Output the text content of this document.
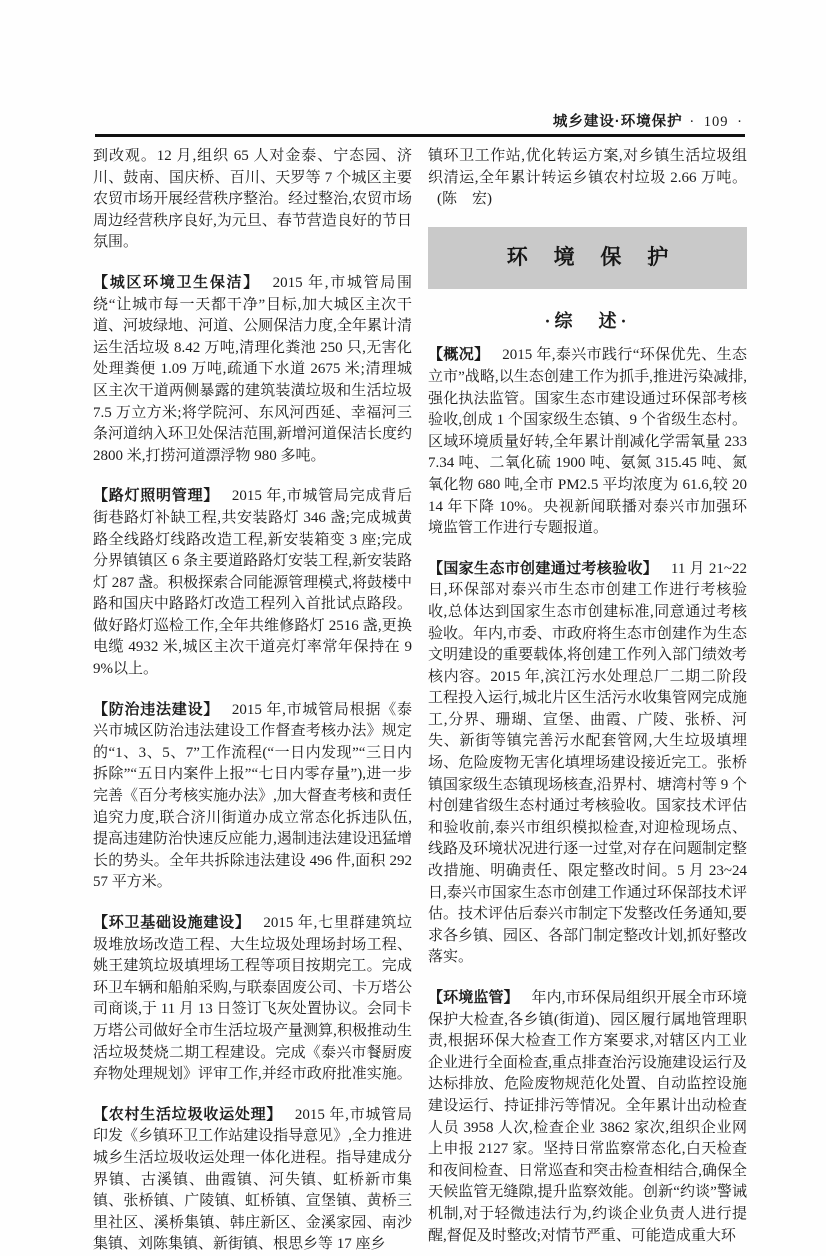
城乡建设·环境保护 · 109 ·

到改观。12 月,组织 65 人对金泰、宁态园、济川、鼓南、国庆桥、百川、天罗等 7 个城区主要农贸市场开展经营秩序整治。经过整治,农贸市场周边经营秩序良好,为元旦、春节营造良好的节日氛围。

【城区环境卫生保洁】 2015 年,市城管局围绕“让城市每一天都干净”目标,加大城区主次干道、河坡绿地、河道、公厕保洁力度,全年累计清运生活垃圾 8.42 万吨,清理化粪池 250 只,无害化处理粪便 1.09 万吨,疏通下水道 2675 米;清理城区主次干道两侧暴露的建筑装潢垃圾和生活垃圾 7.5 万立方米;将学院河、东风河西延、幸福河三条河道纳入环卫处保洁范围,新增河道保洁长度约 2800 米,打捞河道漂浮物 980 多吨。

【路灯照明管理】 2015 年,市城管局完成背后街巷路灯补缺工程,共安装路灯 346 盏;完成城黄路全线路灯线路改造工程,新安装箱变 3 座;完成分界镇镇区 6 条主要道路路灯安装工程,新安装路灯 287 盏。积极探索合同能源管理模式,将鼓楼中路和国庆中路路灯改造工程列入首批试点路段。做好路灯巡检工作,全年共维修路灯 2516 盏,更换电缆 4932 米,城区主次干道亮灯率常年保持在 99%以上。

【防治违法建设】 2015 年,市城管局根据《泰兴市城区防治违法建设工作督查考核办法》规定的“1、3、5、7”工作流程(“一日内发现”“三日内拆除”“五日内案件上报”“七日内零存量”),进一步完善《百分考核实施办法》,加大督查考核和责任追究力度,联合济川街道办成立常态化拆违队伍,提高违建防治快速反应能力,遏制违法建设迅猛增长的势头。全年共拆除违法建设 496 件,面积 29257 平方米。

【环卫基础设施建设】 2015 年,七里群建筑垃圾堆放场改造工程、大生垃圾处理场封场工程、姚王建筑垃圾填埋场工程等项目按期完工。完成环卫车辆和船舶采购,与联泰固废公司、卡万塔公司商谈,于 11 月 13 日签订飞灰处置协议。会同卡万塔公司做好全市生活垃圾产量测算,积极推动生活垃圾焚烧二期工程建设。完成《泰兴市餐厨废弃物处理规划》评审工作,并经市政府批准实施。

【农村生活垃圾收运处理】 2015 年,市城管局印发《乡镇环卫工作站建设指导意见》,全力推进城乡生活垃圾收运处理一体化进程。指导建成分界镇、古溪镇、曲霞镇、河失镇、虹桥新市集镇、张桥镇、广陵镇、虹桥镇、宣堡镇、黄桥三里社区、溪桥集镇、韩庄新区、金溪家园、南沙集镇、刘陈集镇、新街镇、根思乡等 17 座乡

镇环卫工作站,优化转运方案,对乡镇生活垃圾组织清运,全年累计转运乡镇农村垃圾 2.66 万吨。(陈　宏)

环 境 保 护
·综　述·

【概况】 2015 年,泰兴市践行“环保优先、生态立市”战略,以生态创建工作为抓手,推进污染减排,强化执法监管。国家生态市建设通过环保部考核验收,创成 1 个国家级生态镇、9 个省级生态村。区域环境质量好转,全年累计削减化学需氧量 2337.34 吨、二氧化硫 1900 吨、氨氮 315.45 吨、氮氧化物 680 吨,全市 PM2.5 平均浓度为 61.6,较 2014 年下降 10%。央视新闻联播对泰兴市加强环境监管工作进行专题报道。

【国家生态市创建通过考核验收】 11 月 21~22 日,环保部对泰兴市生态市创建工作进行考核验收,总体达到国家生态市创建标准,同意通过考核验收。年内,市委、市政府将生态市创建作为生态文明建设的重要载体,将创建工作列入部门绩效考核内容。2015 年,滨江污水处理总厂二期二阶段工程投入运行,城北片区生活污水收集管网完成施工,分界、珊瑚、宣堡、曲霞、广陵、张桥、河失、新街等镇完善污水配套管网,大生垃圾填埋场、危险废物无害化填埋场建设接近完工。张桥镇国家级生态镇现场核查,沿界村、塘湾村等 9 个村创建省级生态村通过考核验收。国家技术评估和验收前,泰兴市组织模拟检查,对迎检现场点、线路及环境状况进行逐一过堂,对存在问题制定整改措施、明确责任、限定整改时间。5 月 23~24 日,泰兴市国家生态市创建工作通过环保部技术评估。技术评估后泰兴市制定下发整改任务通知,要求各乡镇、园区、各部门制定整改计划,抓好整改落实。

【环境监管】 年内,市环保局组织开展全市环境保护大检查,各乡镇(街道)、园区履行属地管理职责,根据环保大检查工作方案要求,对辖区内工业企业进行全面检查,重点排查治污设施建设运行及达标排放、危险废物规范化处置、自动监控设施建设运行、持证排污等情况。全年累计出动检查人员 3958 人次,检查企业 3862 家次,组织企业网上申报 2127 家。坚持日常监察常态化,白天检查和夜间检查、日常巡查和突击检查相结合,确保全天候监管无缝隙,提升监察效能。创新“约谈”警诫机制,对于轻微违法行为,约谈企业负责人进行提醒,督促及时整改;对情节严重、可能造成重大环
